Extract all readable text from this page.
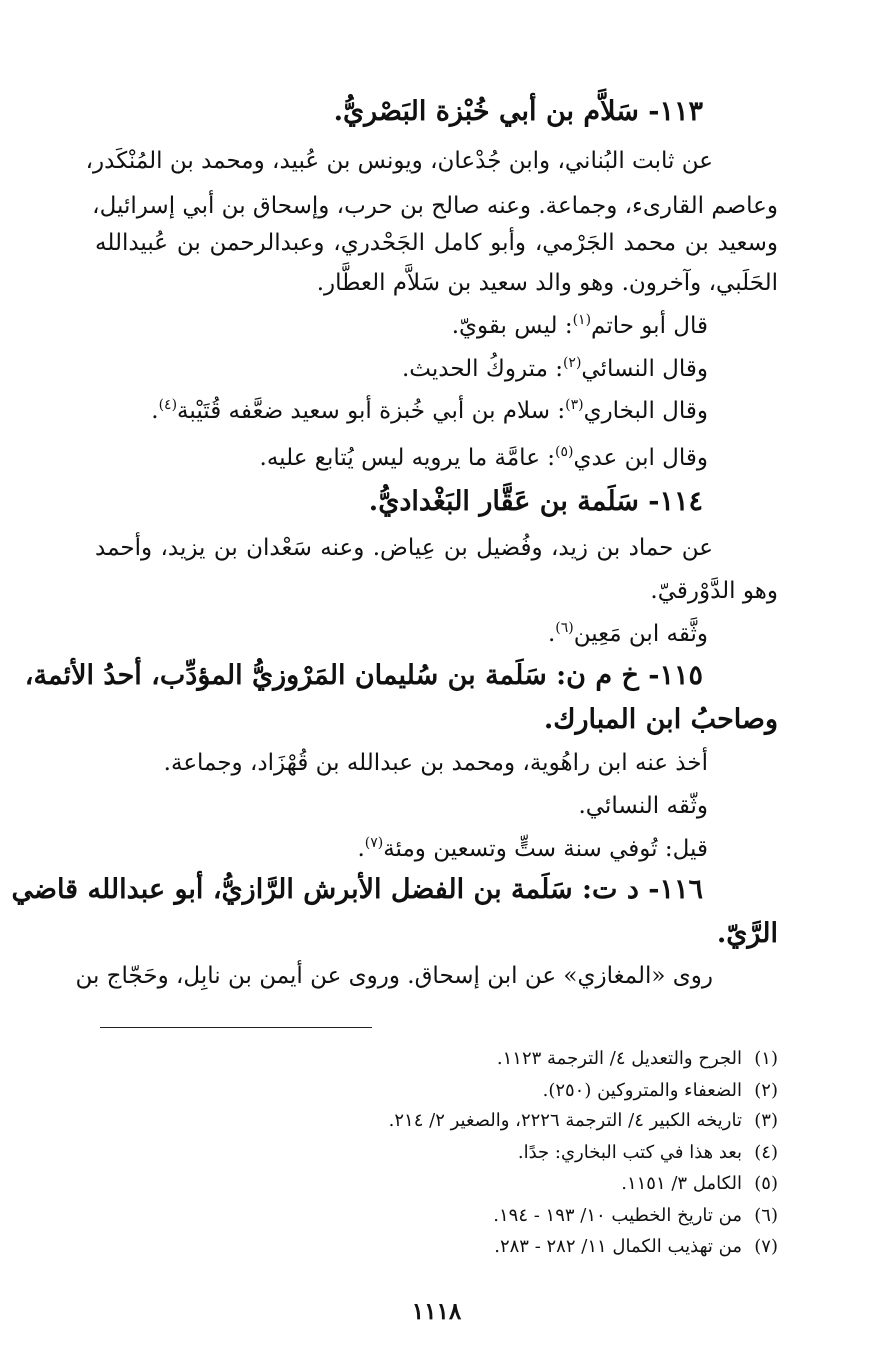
١١٣- سَلاَّم بن أبي خُبْزة البَصْريُّ.
عن ثابت البُناني، وابن جُدْعان، ويونس بن عُبيد، ومحمد بن المُنْكَدر،
وعاصم القارىء، وجماعة. وعنه صالح بن حرب، وإسحاق بن أبي إسرائيل،
وسعيد بن محمد الجَرْمي، وأبو كامل الجَحْدري، وعبدالرحمن بن عُبيدالله
الحَلَبي، وآخرون. وهو والد سعيد بن سَلاَّم العطَّار.
قال أبو حاتم$^{(١)}$: ليس بقويّ.
وقال النسائي$^{(٢)}$: متروكُ الحديث.
وقال البخاري$^{(٣)}$: سلام بن أبي خُبزة أبو سعيد ضعَّفه قُتَيْبة$^{(٤)}$.
وقال ابن عدي$^{(٥)}$: عامَّة ما يرويه ليس يُتابع عليه.
١١٤- سَلَمة بن عَقَّار البَغْداديُّ.
عن حماد بن زيد، وفُضيل بن عِياض. وعنه سَعْدان بن يزيد، وأحمد
وهو الدَّوْرقيّ.
وثَّقه ابن مَعِين$^{(٦)}$.
١١٥- خ م ن: سَلَمة بن سُليمان المَرْوزيُّ المؤدِّب، أحدُ الأئمة،
وصاحبُ ابن المبارك.
أخذ عنه ابن راهُوية، ومحمد بن عبدالله بن قُهْزَاد، وجماعة.
وثّقه النسائي.
قيل: تُوفي سنة ستٍّ وتسعين ومئة$^{(٧)}$.
١١٦- د ت: سَلَمة بن الفضل الأبرش الرَّازيُّ، أبو عبدالله قاضي
الرَّيّ.
روى «المغازي» عن ابن إسحاق. وروى عن أيمن بن نابِل، وحَجّاج بن
( ١ )الجرح والتعديل ٤/ الترجمة ١١٢٣.
( ٢ )الضعفاء والمتروكين (٢٥٠).
( ٣ )تاريخه الكبير ٤/ الترجمة ٢٢٢٦، والصغير ٢/ ٢١٤.
( ٤ )بعد هذا في كتب البخاري: جدًا.
( ٥ )الكامل ٣/ ١١٥١.
( ٦ )من تاريخ الخطيب ١٠/ ١٩٣ - ١٩٤.
( ٧ )من تهذيب الكمال ١١/ ٢٨٢ - ٢٨٣.
١١١٨
